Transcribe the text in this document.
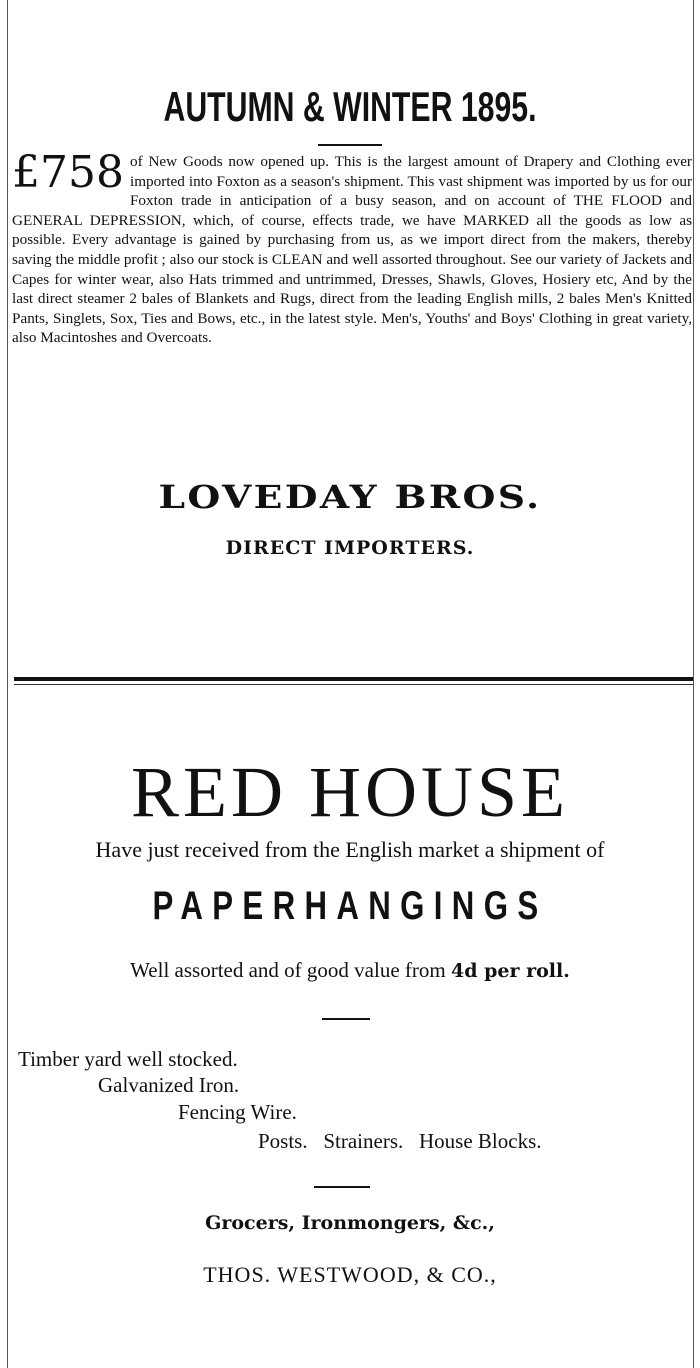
AUTUMN & WINTER 1895.
£758 of New Goods now opened up. This is the largest amount of Drapery and Clothing ever imported into Foxton as a season's shipment. This vast shipment was imported by us for our Foxton trade in anticipation of a busy season, and on account of THE FLOOD and GENERAL DEPRESSION, which, of course, effects trade, we have MARKED all the goods as low as possible. Every advantage is gained by purchasing from us, as we import direct from the makers, thereby saving the middle profit ; also our stock is CLEAN and well assorted throughout. See our variety of Jackets and Capes for winter wear, also Hats trimmed and untrimmed, Dresses, Shawls, Gloves, Hosiery etc, And by the last direct steamer 2 bales of Blankets and Rugs, direct from the leading English mills, 2 bales Men's Knitted Pants, Singlets, Sox, Ties and Bows, etc., in the latest style. Men's, Youths' and Boys' Clothing in great variety, also Macintoshes and Overcoats.
LOVEDAY BROS.
DIRECT IMPORTERS.
RED HOUSE
Have just received from the English market a shipment of
PAPERHANGINGS
Well assorted and of good value from 4d per roll.
Timber yard well stocked.
Galvanized Iron.
Fencing Wire.
Posts.   Strainers.   House Blocks.
Grocers, Ironmongers, &c.,
THOS. WESTWOOD, & CO.,
